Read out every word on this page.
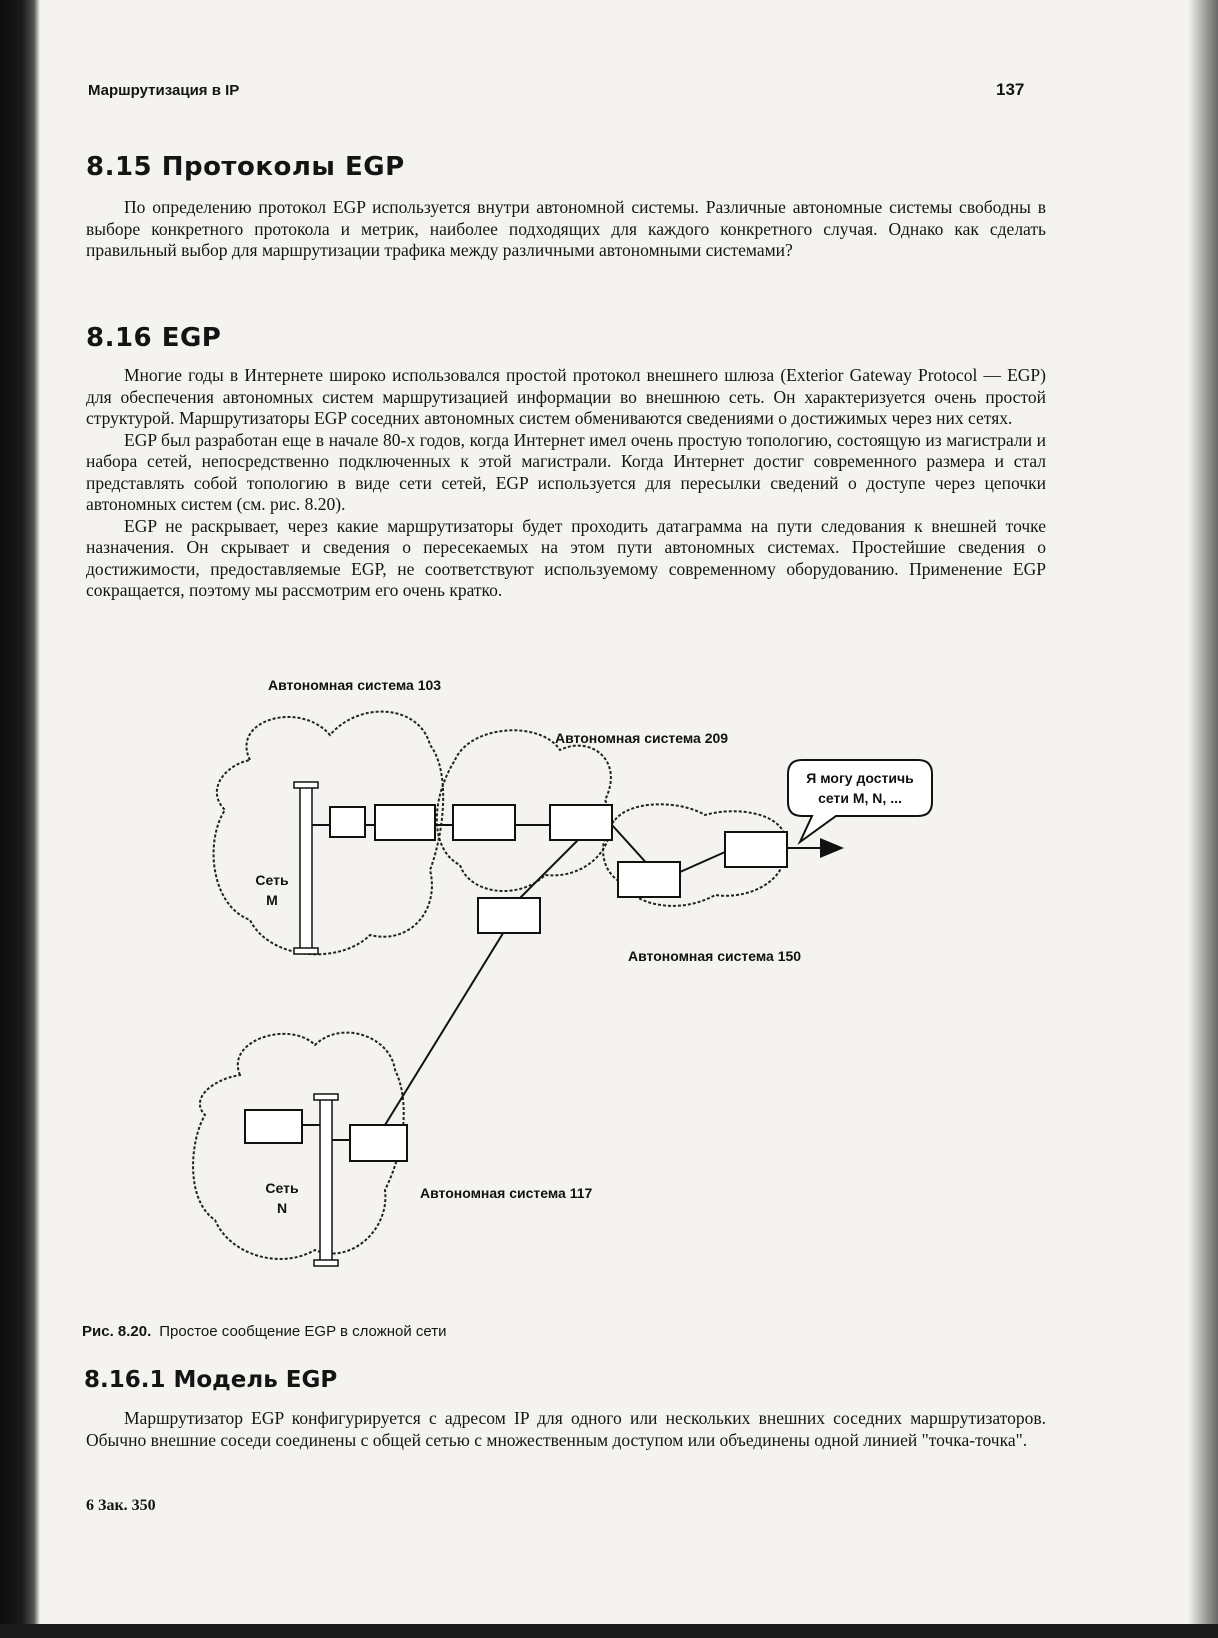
Маршрутизация в IP	137
8.15 Протоколы EGP

По определению протокол EGP используется внутри автономной системы. Различные автономные системы свободны в выборе конкретного протокола и метрик, наиболее подходящих для каждого конкретного случая. Однако как сделать правильный выбор для маршрутизации трафика между различными автономными системами?

8.16 EGP

Многие годы в Интернете широко использовался простой протокол внешнего шлюза (Exterior Gateway Protocol — EGP) для обеспечения автономных систем маршрутизацией информации во внешнюю сеть. Он характеризуется очень простой структурой. Маршрутизаторы EGP соседних автономных систем обмениваются сведениями о достижимых через них сетях.

EGP был разработан еще в начале 80-х годов, когда Интернет имел очень простую топологию, состоящую из магистрали и набора сетей, непосредственно подключенных к этой магистрали. Когда Интернет достиг современного размера и стал представлять собой топологию в виде сети сетей, EGP используется для пересылки сведений о доступе через цепочки автономных систем (см. рис. 8.20).

EGP не раскрывает, через какие маршрутизаторы будет проходить датаграмма на пути следования к внешней точке назначения. Он скрывает и сведения о пересекаемых на этом пути автономных системах. Простейшие сведения о достижимости, предоставляемые EGP, не соответствуют используемому современному оборудованию. Применение EGP сокращается, поэтому мы рассмотрим его очень кратко.

Автономная система 103
Автономная система 209
Автономная система 150
Автономная система 117
Сеть
M
Сеть
N
Я могу достичь
сети M, N, ...

Рис. 8.20. Простое сообщение EGP в сложной сети

8.16.1 Модель EGP

Маршрутизатор EGP конфигурируется с адресом IP для одного или нескольких внешних соседних маршрутизаторов. Обычно внешние соседи соединены с общей сетью с множественным доступом или объединены одной линией "точка-точка".

6 Зак. 350
